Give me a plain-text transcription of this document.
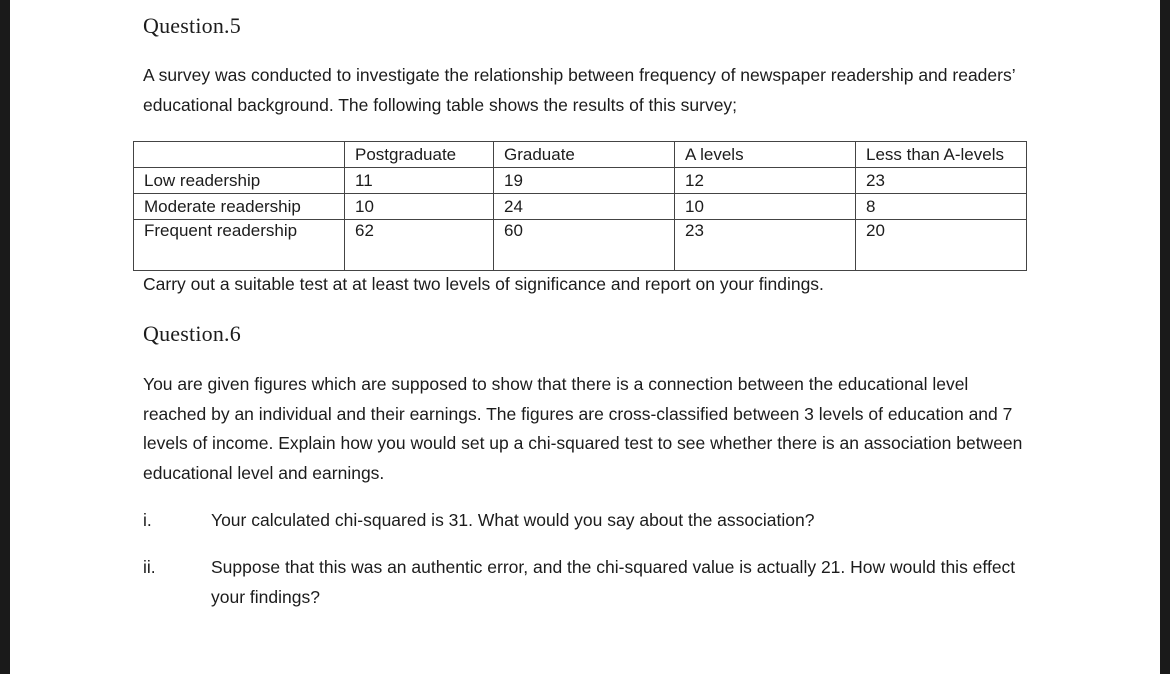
Question.5
A survey was conducted to investigate the relationship between frequency of newspaper readership and readers’ educational background. The following table shows the results of this survey;
	Postgraduate	Graduate	A levels	Less than A-levels
Low readership	11	19	12	23
Moderate readership	10	24	10	8
Frequent readership	62	60	23	20
Carry out a suitable test at at least two levels of significance and report on your findings.
Question.6
You are given figures which are supposed to show that there is a connection between the educational level reached by an individual and their earnings. The figures are cross-classified between 3 levels of education and 7 levels of income. Explain how you would set up a chi-squared test to see whether there is an association between educational level and earnings.
i.	Your calculated chi-squared is 31. What would you say about the association?
ii.	Suppose that this was an authentic error, and the chi-squared value is actually 21. How would this effect your findings?
